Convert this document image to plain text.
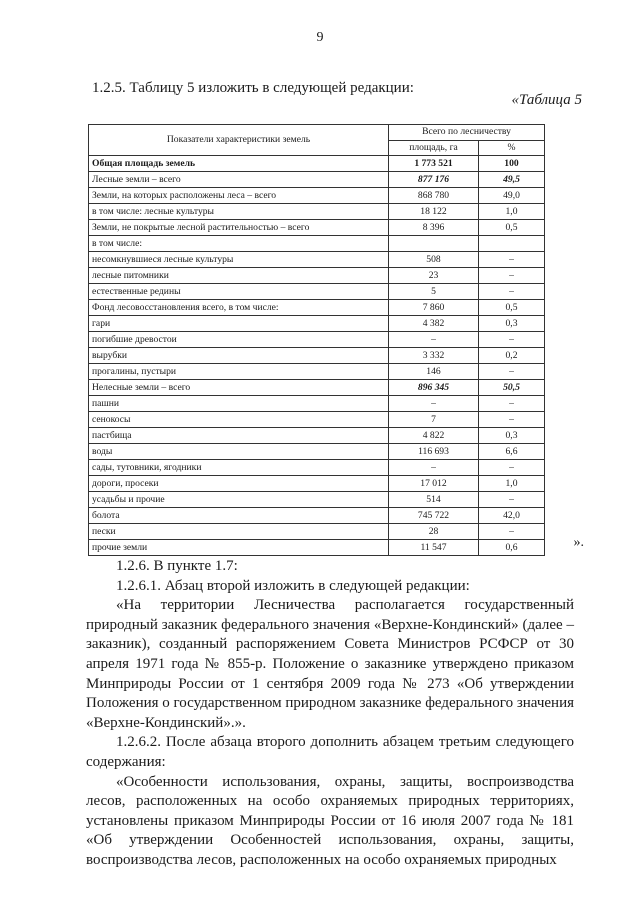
9
1.2.5. Таблицу 5 изложить в следующей редакции:
«Таблица 5
Показатели характеристики земель	Всего по лесничеству	
	площадь, га	%
Общая площадь земель	1 773 521	100
Лесные земли – всего	877 176	49,5
Земли, на которых расположены леса – всего	868 780	49,0
в том числе: лесные культуры	18 122	1,0
Земли, не покрытые лесной растительностью – всего	8 396	0,5
в том числе:		
несомкнувшиеся лесные культуры	508	–
лесные питомники	23	–
естественные редины	5	–
Фонд лесовосстановления всего, в том числе:	7 860	0,5
гари	4 382	0,3
погибшие древостои	–	–
вырубки	3 332	0,2
прогалины, пустыри	146	–
Нелесные земли – всего	896 345	50,5
пашни	–	–
сенокосы	7	–
пастбища	4 822	0,3
воды	116 693	6,6
сады, тутовники, ягодники	–	–
дороги, просеки	17 012	1,0
усадьбы и прочие	514	–
болота	745 722	42,0
пески	28	–
прочие земли	11 547	0,6	».

1.2.6. В пункте 1.7:

1.2.6.1. Абзац второй изложить в следующей редакции:

«На территории Лесничества располагается государственный природный заказник федерального значения «Верхне-Кондинский» (далее – заказник), созданный распоряжением Совета Министров РСФСР от 30 апреля 1971 года № 855-р. Положение о заказнике утверждено приказом Минприроды России от 1 сентября 2009 года № 273 «Об утверждении Положения о государственном природном заказнике федерального значения «Верхне-Кондинский».».

1.2.6.2. После абзаца второго дополнить абзацем третьим следующего содержания:

«Особенности использования, охраны, защиты, воспроизводства лесов, расположенных на особо охраняемых природных территориях, установлены приказом Минприроды России от 16 июля 2007 года № 181 «Об утверждении Особенностей использования, охраны, защиты, воспроизводства лесов, расположенных на особо охраняемых природных
